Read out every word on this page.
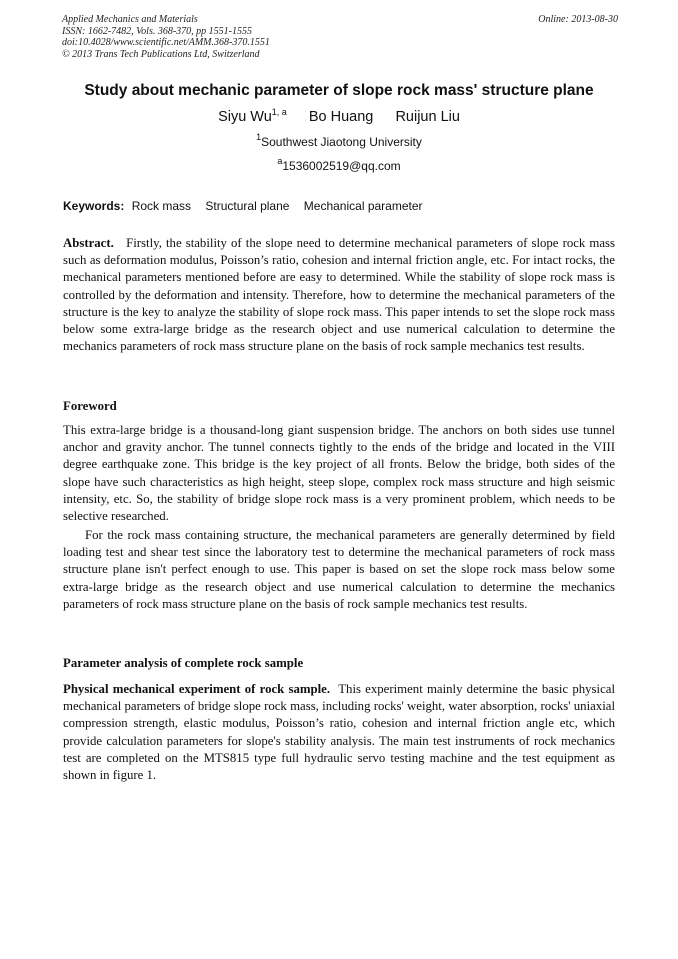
Applied Mechanics and Materials
ISSN: 1662-7482, Vols. 368-370, pp 1551-1555
doi:10.4028/www.scientific.net/AMM.368-370.1551
© 2013 Trans Tech Publications Ltd, Switzerland
Online: 2013-08-30
Study about mechanic parameter of slope rock mass' structure plane
Siyu Wu$^{1, a}$ Bo Huang Ruijun Liu
$^1$Southwest Jiaotong University
$^a$1536002519@qq.com
Keywords: Rock mass Structural plane Mechanical parameter
Abstract. Firstly, the stability of the slope need to determine mechanical parameters of slope rock mass such as deformation modulus, Poisson’s ratio, cohesion and internal friction angle, etc. For intact rocks, the mechanical parameters mentioned before are easy to determined. While the stability of slope rock mass is controlled by the deformation and intensity. Therefore, how to determine the mechanical parameters of the structure is the key to analyze the stability of slope rock mass. This paper intends to set the slope rock mass below some extra-large bridge as the research object and use numerical calculation to determine the mechanics parameters of rock mass structure plane on the basis of rock sample mechanics test results.
Foreword
This extra-large bridge is a thousand-long giant suspension bridge. The anchors on both sides use tunnel anchor and gravity anchor. The tunnel connects tightly to the ends of the bridge and located in the VIII degree earthquake zone. This bridge is the key project of all fronts. Below the bridge, both sides of the slope have such characteristics as high height, steep slope, complex rock mass structure and high seismic intensity, etc. So, the stability of bridge slope rock mass is a very prominent problem, which needs to be selective researched.
For the rock mass containing structure, the mechanical parameters are generally determined by field loading test and shear test since the laboratory test to determine the mechanical parameters of rock mass structure plane isn't perfect enough to use. This paper is based on set the slope rock mass below some extra-large bridge as the research object and use numerical calculation to determine the mechanics parameters of rock mass structure plane on the basis of rock sample mechanics test results.
Parameter analysis of complete rock sample
Physical mechanical experiment of rock sample. This experiment mainly determine the basic physical mechanical parameters of bridge slope rock mass, including rocks' weight, water absorption, rocks' uniaxial compression strength, elastic modulus, Poisson’s ratio, cohesion and internal friction angle etc, which provide calculation parameters for slope's stability analysis. The main test instruments of rock mechanics test are completed on the MTS815 type full hydraulic servo testing machine and the test equipment as shown in figure 1.
